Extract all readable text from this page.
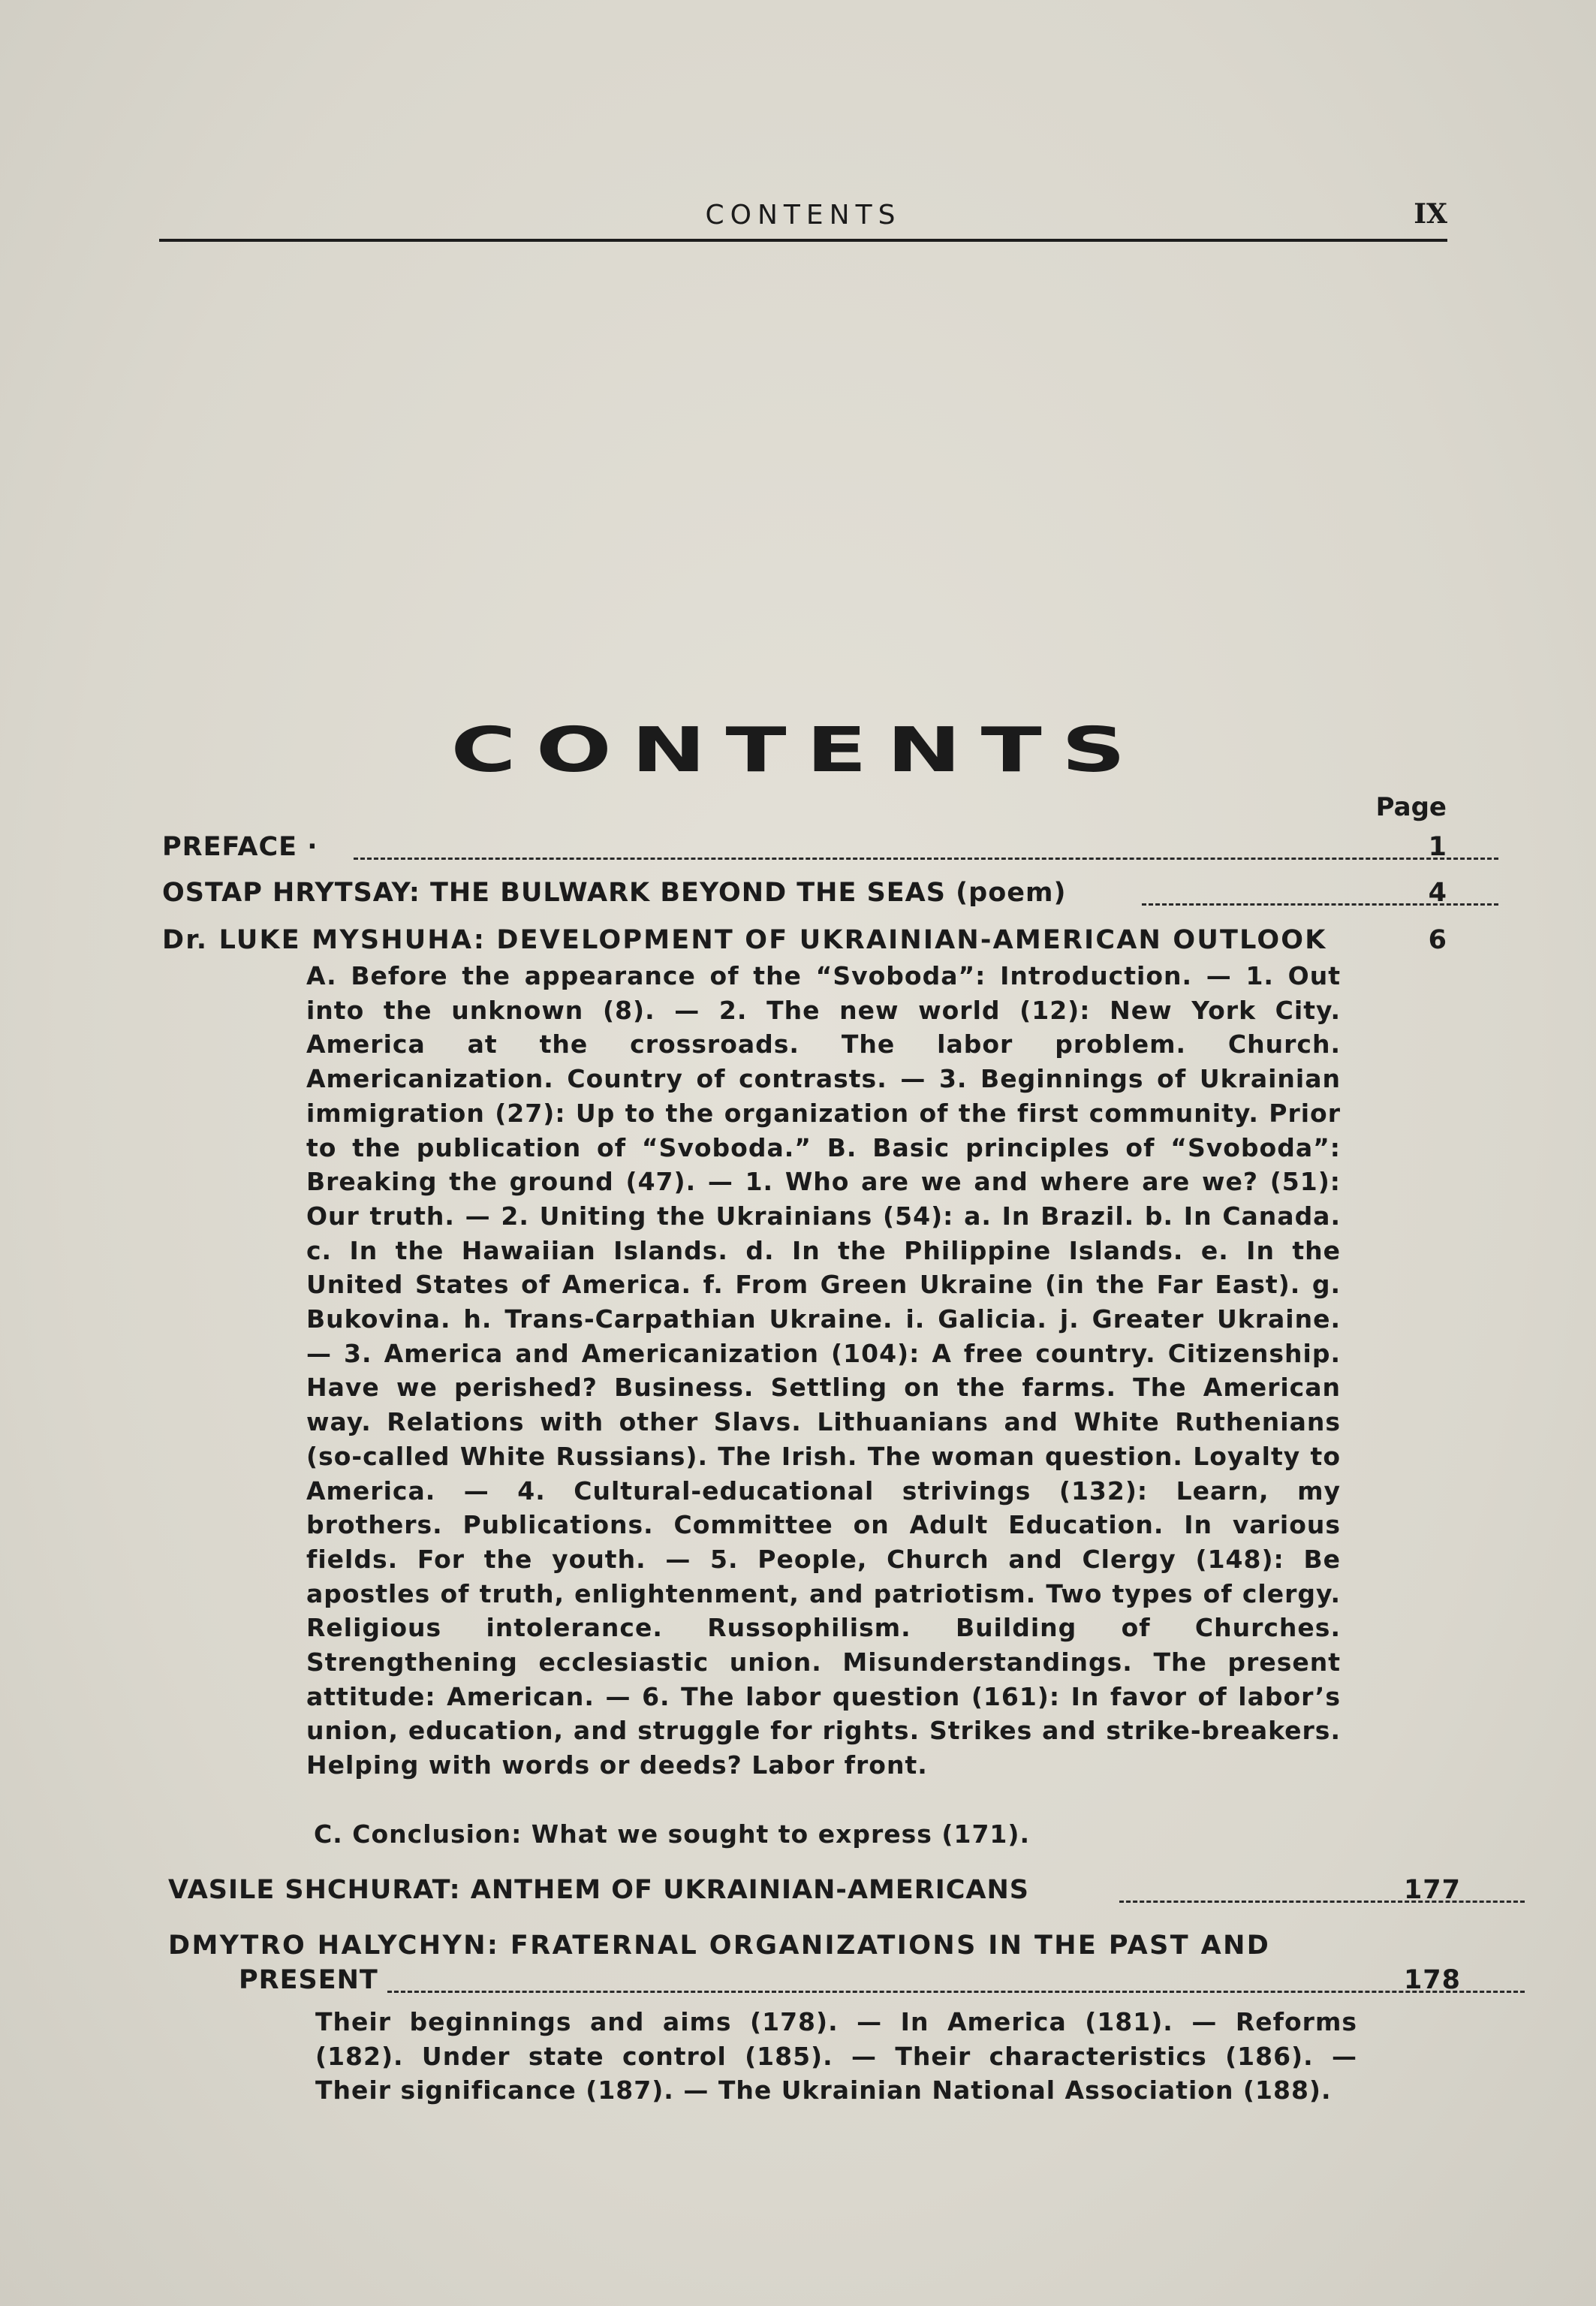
CONTENTS	IX
CONTENTS
Page
PREFACE ·	1
OSTAP HRYTSAY: THE BULWARK BEYOND THE SEAS (poem)	4
Dr. LUKE MYSHUHA: DEVELOPMENT OF UKRAINIAN-AMERICAN OUTLOOK	6
A. Before the appearance of the “Svoboda”: Introduction. — 1. Out into the unknown (8). — 2. The new world (12): New York City. America at the crossroads. The labor problem. Church. Americanization. Country of contrasts. — 3. Beginnings of Ukrainian immigration (27): Up to the organization of the first community. Prior to the publication of “Svoboda.” B. Basic principles of “Svoboda”: Breaking the ground (47). — 1. Who are we and where are we? (51): Our truth. — 2. Uniting the Ukrainians (54): a. In Brazil. b. In Canada. c. In the Hawaiian Islands. d. In the Philippine Islands. e. In the United States of America. f. From Green Ukraine (in the Far East). g. Bukovina. h. Trans-Carpathian Ukraine. i. Galicia. j. Greater Ukraine. — 3. America and Americanization (104): A free country. Citizenship. Have we perished? Business. Settling on the farms. The American way. Relations with other Slavs. Lithuanians and White Ruthenians (so-called White Russians). The Irish. The woman question. Loyalty to America. — 4. Cultural-educational strivings (132): Learn, my brothers. Publications. Committee on Adult Education. In various fields. For the youth. — 5. People, Church and Clergy (148): Be apostles of truth, enlightenment, and patriotism. Two types of clergy. Religious intolerance. Russophilism. Building of Churches. Strengthening ecclesiastic union. Misunderstandings. The present attitude: American. — 6. The labor question (161): In favor of labor’s union, education, and struggle for rights. Strikes and strike-breakers. Helping with words or deeds? Labor front.
C. Conclusion: What we sought to express (171).
VASILE SHCHURAT: ANTHEM OF UKRAINIAN-AMERICANS	177
DMYTRO HALYCHYN: FRATERNAL ORGANIZATIONS IN THE PAST AND
PRESENT	178
Their beginnings and aims (178). — In America (181). — Reforms (182). Under state control (185). — Their characteristics (186). — Their significance (187). — The Ukrainian National Association (188).
